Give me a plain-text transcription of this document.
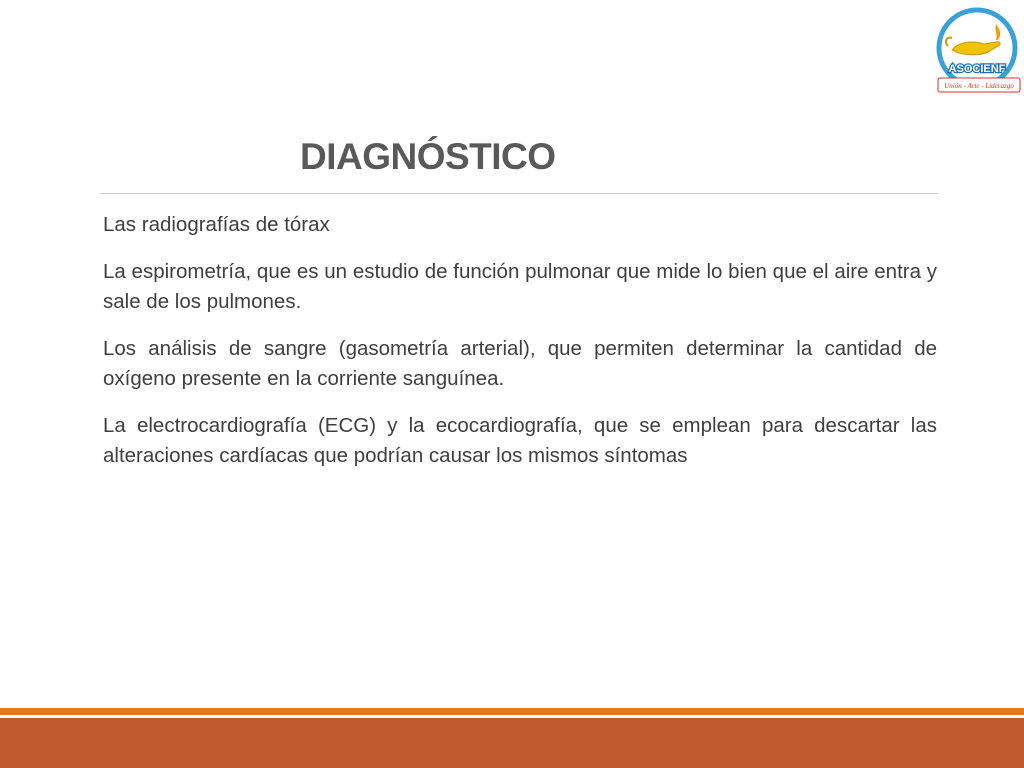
ASOCIENF
Unión - Arte - Liderazgo
DIAGNÓSTICO

Las radiografías de tórax

La espirometría, que es un estudio de función pulmonar que mide lo bien que el aire entra y sale de los pulmones.

Los análisis de sangre (gasometría arterial), que permiten determinar la cantidad de oxígeno presente en la corriente sanguínea.

La electrocardiografía (ECG) y la ecocardiografía, que se emplean para descartar las alteraciones cardíacas que podrían causar los mismos síntomas
